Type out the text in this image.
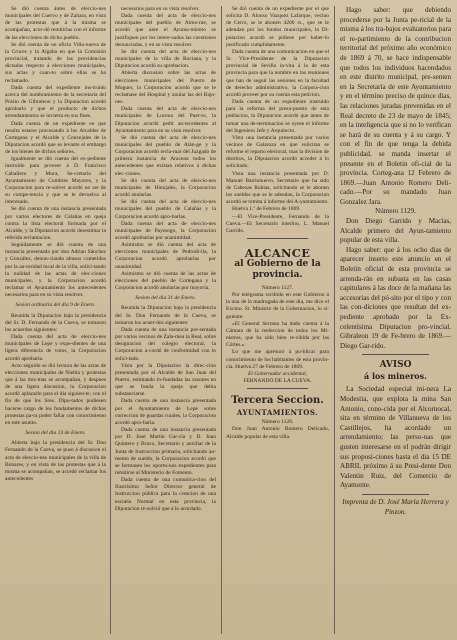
Se dió cuenta ántes de eleccio-nes municipales del Cuervo y de Zahara, en vista de las protestas que á la misma se acompañan, acor-dó remitirlas con el informe de las elecciones de dicho pueblo.

Se dió cuenta de un oficio Villa-nueva de la Cruces y la Algaba en que la Comisión provincial, tratando de las providencias dictadas respecto á elecciones municipales, sus actas y cuan-to sobre ellas se ha reclamado.

Dada cuenta del expediente ins-truido acerca del nombramiento de la secretaría del Pósito de Gibraleon y la Diputacion acordó aprobarlo y que el producto de dichos arrendamientos se invierta en sus fines.

Dada cuenta de un expediente en que resulta estarse procesando á los Alcaldes de Cortegana y el Alcalde y Concejales de la Diputacion acordó que se levante el embargo de los bienes de dichos señores.

Igualmente se dió cuenta del ex-pediente instruido para proveer á D. Francisco Caballero y Mora, Se-cretario del Ayuntamiento de Cumbres Mayores, y la Corporacion para re-solver acordó no ser de su compe-tencia y que se le devuelva al interesado.

Se dió cuenta de una instancia presentada por varios electores de Calañas en queja contra la lista electoral formada por el Alcalde, y la Diputacion acordó desestimar la referida reclamacion.

Seguidamente se dió cuenta de una instancia presentada por don Adrian Sánchez y González, denun-ciando abusos cometidos por la au-toridad local de la villa, solici-tando la nulidad de las actas de elec-ciones municipales, y la Corporacion acordó reclamar el Ayuntamiento los antecedentes necesarios para en su vista resolver.

Sesion ordinaria del dia 9 de Enero.

Reunida la Diputacion bajo la presidencia del Sr. D. Fernando de la Cueva, se tomaron los acuerdos siguientes:

Dada cuenta del acta de eleccio-nes municipales de Lepe y expe-dientes de una ligera diferencia de votos, la Corporacion acordó aprobarla.

Acto seguido se dió lectura de las actas de elecciones municipales de Niebla y protestas que á las mis-mas se acompañan, y despues de una ligera discusion, la Corporacion acordó aplazarlo para el dia siguien-te, con el fin de que los Sres. Dipu-tados pudiesen hacerse cargo de los fundamentos de dichas protestas pa-ra poder fallar con conocimiento en este asunto.

Sesion del dia 13 de Enero.

Abierta bajo la presidencia del Sr. Don Fernando de la Cueva, se puso á discusion el acta de eleccio-nes municipales de la villa de Bonares, y en vista de las protestas que á la misma se acompañan, se acordó reclamar los antecedentes

necesarios para en su vista resolver.

Dada cuenta del acta de eleccio-nes municipales del pueblo de Almo-nte, se acordó que ante el Ayunta-miento se justifiquen por los intere-sados las cuestiones denunciadas, y en su vista resolver.

Se dió cuenta del acta de eleccio-nes municipales de la villa de Rociana, y la Diputacion acordó su aprobacion.

Abierta discusion sobre las actas de elecciones municipales del Puerto de Moguer, la Corporacion acordó que se le reclamase del Hospital y anular las del Bajo-nes.

Dada cuenta del acta de eleccio-nes municipales de Lucena del Puer-to, la Diputacion acordó pedir an-tecedentes al Ayuntamiento para en su vista resolver.

Se dió cuenta del acta de eleccio-nes municipales del pueblo de Alán-ge y la Corporacion acordó recla-mar del Juzgado de primera instancia de Aracena todos los antecedentes que existan relativos á dichas elec-ciones.

Se dió cuenta del acta de eleccio-nes municipales de Hinojales, la Corporacion acordó anularlas.

Se dió cuenta del acta de eleccio-nes municipales del pueblo de Calañas y la Corporacion acordó apro-barlas.

Dada cuenta del acta de eleccio-nes municipales de Paymogo, la Corporacion acordó aprobarlas por unanimidad.

Asimismo se dió cuenta del acta de elecciones municipales de Pedrodi-lla, la Corporacion acordó aprobarlas por unanimidad.

Asimismo se dió cuenta de las actas de elecciones del pueblo de Cortegana y la Corporacion acordó anularlas por mayoría.

Sesion del dia 31 de Enero.

Reunida la Diputacion bajo la presidencia del Sr. Don Fernando de la Cueva, se tomaron los acuer-dos siguientes:

Dada cuenta de una instancia pre-sentada por varios vecinos de Zala-mea la Real, sobre designacion del colegio electoral, la Corporacion a-cordó de conformidad con lo solici-tado.

Vista por la Diputacion la direc-cion presentada por el Alcalde de San Juan del Puerto, estimando in-fundadas las razones en que se funda la queja que debia substanciarse.

Dada cuenta de una instancia presentada por el Ayuntamiento de Lepe sobre correccion de guardas rurales, la Corporacion acordó apro-barla.

Dada cuenta de una instancia presentada por D. José Martin Gar-cía y D. Juan Quintero y Bravo, Secretario y auxiliar de la Junta de Instruccion primaria, solicitando au-mento de sueldo, la Corporacion acordó que se formasen los oportu-nos expedientes para remitirse al Ministerio de Fomento.

Dada cuenta de una comunica-cion del Ilustrísimo Señor Director general de Instruccion pública para la creacion de una escuela Normal en esta provincia, la Diputacion re-solvió que á lo acordado.

Se dió cuenta de un expediente por el que solicita D. Alonso Vazquez Lafarque, vecino de Cerro, se le abonen 4200 rs., que se le adeudan por los fondos municipales, la Di-putacion acordó se pidiese por haber-lo justificado cumplidamente.

Dada cuenta de una comunicacion en que el Sr. Vice-Presidente de la Diputacion provincial de Sevilla in-vita á la de esta provincia para que la nombre en las reuniones que han de seguir las sesiones en la facultad de derecho administrativo, la Corpora-cion acordó proveer por su cuenta esta peticion.

Dada cuenta de un expediente instruido para la reforma del presu-puesto de esta poblacion, la Diputacion acordó que antes de tomar una de-terminacion se oyese el informe del Ingeniero Jefe y Arquitecto.

Vista una instancia presentada por varios vecinos de Galaroza en que solicitan se reforme el reparto electoral, mas la division de distritos, la Diputacion acordó acceder á lo solicitado.

Vista una instancia presentada por D. Manuel Barrionuevo, Secretario que ha sido de Cabezas Rubias, solicitando se le abonen los sueldos que se le adeudan, la Corporacion acordó se remita á informe del A-yuntamiento.

Huelva 1.º de Febrero de 1869.

—El Vice-Presidente, Fernando de la Cueva.—El Secretario interino, L. Manuel Garrido.

ALCANCE
al Gobierno de la provincia.

Número 1127.

Por telégrama recibido en este Gobierno á la una de la madrugada de este dia, me dice el Excmo. Sr. Ministro de la Gobernacion, lo si-guiente:

«El General Serrano ha dado cuenta á la Cámara de la reeleccion de todos los Mi-nistros, que ha sido bien re-cibida por las Córtes.»

Lo que me apresuro á pu-blicar para conocimiento de los habitantes de esta provin-cia. Huelva 27 de Febrero de 1869.

El Gobernador accidental,

FERNANDO DE LA CUEVA.

Tercera Seccion.
AYUNTAMIENTOS.

Número 1128.

Don Juan Antonio Romero Delicado, Alcalde popular de esta villa.

Hago saber: que debiendo procederse por la Junta pe-ricial de la misma á los tra-bajos evaluatorios para el re-partimiento de la contribucion territorial del próximo año económico de 1869 á 70, se hace indispensable que todos los individuos hacendados en este distrito municipal, pre-senten en la Secretaría de este Ayuntamiento y en el término preciso de quince dias, las relaciones juradas prevenidas en el Real decreto de 23 de mayo de 1845; en la inteligencia que si no lo verifican se hará de su cuenta y á su cargo. Y con el fin de que tenga la debida publicidad, se manda insertar el presente en el Boletin ofi-cial de la provincia. Corteg-ana 12 Febrero de 1869.—Juan Antonio Romero Deli-cado.—Por su mandado Juan Gonzalez Jara.

Número 1129.

Don Diego Garrido y Macías, Alcalde primero del Ayun-tamiento popular de esta villa.

Hago saber: que á los ocho dias de aparecer inserto este anuncio en el Boletin oficial de esta provincia se arrenda-rán en subasta en las casas capitulares á las doce de la mañana las accesorias del pó-sito por el tipo y con las con-diciones que resultan del ex-pediente aprobado por la Ex-celentísima Diputacion pro-vincial. Gibraleon 19 de Fe-brero de 1869.—Diego Gar-rido.

AVISO
á los mineros.

La Sociedad especial mi-nera La Modestia, que explota la mina San Antonio, cono-cida por el Alcornocal, sita en término de Villanueva de los Castillejos, ha acordado un arrendamiento; las perso-nas que gusten interesarse en el podrán dirigir sus proposi-ciones hasta el dia 15 DE ABRIL próximo á su Presi-dente Don Valentin Ruiz, del Comercio de Ayamonte.

Imprenta de D. José María Herrera y Pinzon.
